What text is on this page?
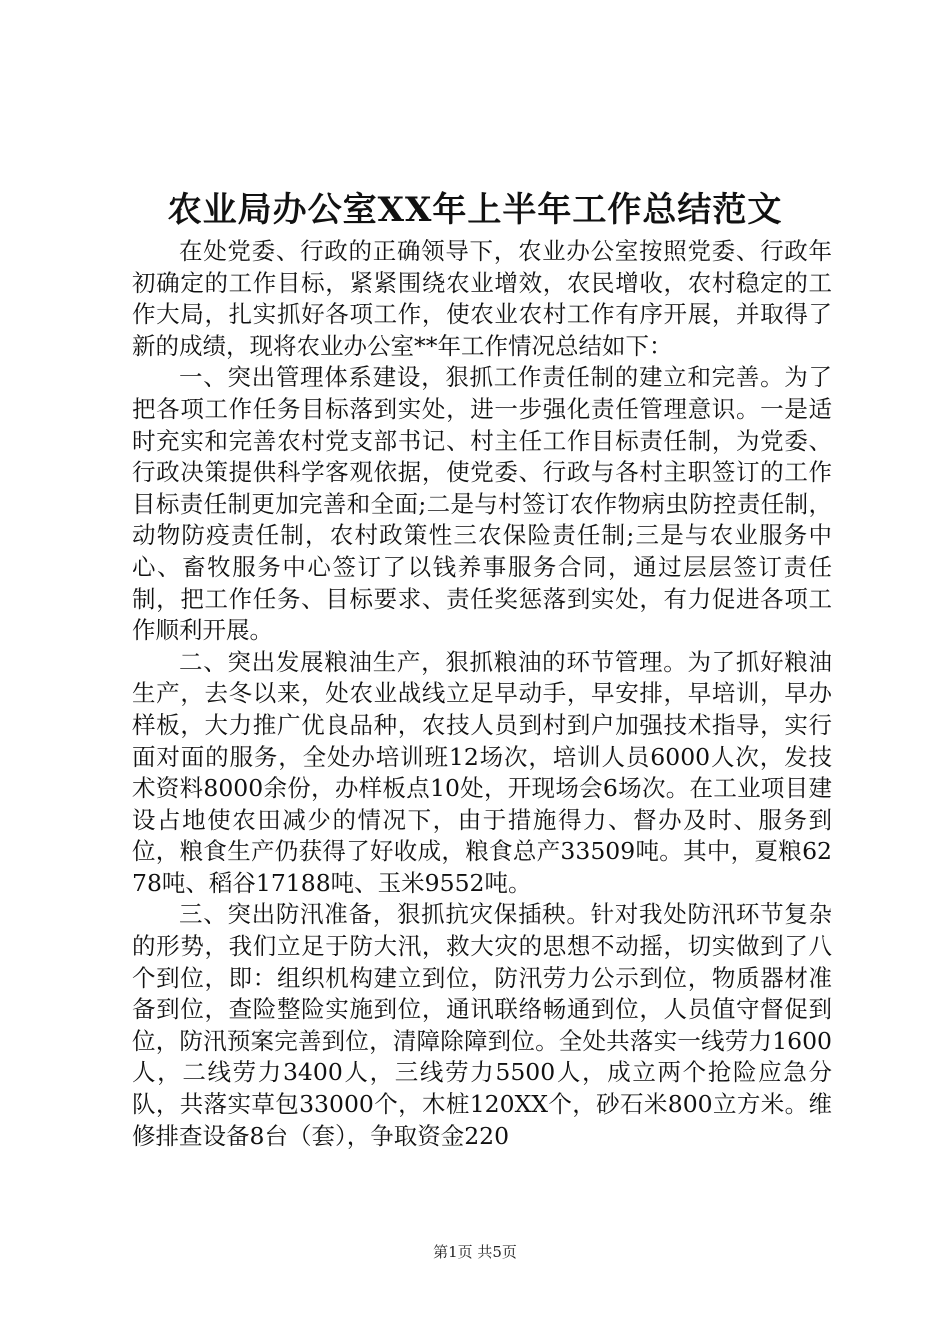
农业局办公室XX年上半年工作总结范文

在处党委、行政的正确领导下，农业办公室按照党委、行政年初确定的工作目标，紧紧围绕农业增效，农民增收，农村稳定的工作大局，扎实抓好各项工作，使农业农村工作有序开展，并取得了新的成绩，现将农业办公室**年工作情况总结如下：

一、突出管理体系建设，狠抓工作责任制的建立和完善。为了把各项工作任务目标落到实处，进一步强化责任管理意识。一是适时充实和完善农村党支部书记、村主任工作目标责任制，为党委、行政决策提供科学客观依据，使党委、行政与各村主职签订的工作目标责任制更加完善和全面;二是与村签订农作物病虫防控责任制，动物防疫责任制，农村政策性三农保险责任制;三是与农业服务中心、畜牧服务中心签订了以钱养事服务合同，通过层层签订责任制，把工作任务、目标要求、责任奖惩落到实处，有力促进各项工作顺利开展。

二、突出发展粮油生产，狠抓粮油的环节管理。为了抓好粮油生产，去冬以来，处农业战线立足早动手，早安排，早培训，早办样板，大力推广优良品种，农技人员到村到户加强技术指导，实行面对面的服务，全处办培训班12场次，培训人员6000人次，发技术资料8000余份，办样板点10处，开现场会6场次。在工业项目建设占地使农田减少的情况下，由于措施得力、督办及时、服务到位，粮食生产仍获得了好收成，粮食总产33509吨。其中，夏粮6278吨、稻谷17188吨、玉米9552吨。

三、突出防汛准备，狠抓抗灾保插秧。针对我处防汛环节复杂的形势，我们立足于防大汛，救大灾的思想不动摇，切实做到了八个到位，即：组织机构建立到位，防汛劳力公示到位，物质器材准备到位，查险整险实施到位，通讯联络畅通到位，人员值守督促到位，防汛预案完善到位，清障除障到位。全处共落实一线劳力1600人，二线劳力3400人，三线劳力5500人，成立两个抢险应急分队，共落实草包33000个，木桩120XX个，砂石米800立方米。维修排查设备8台（套），争取资金220

第1页 共5页
